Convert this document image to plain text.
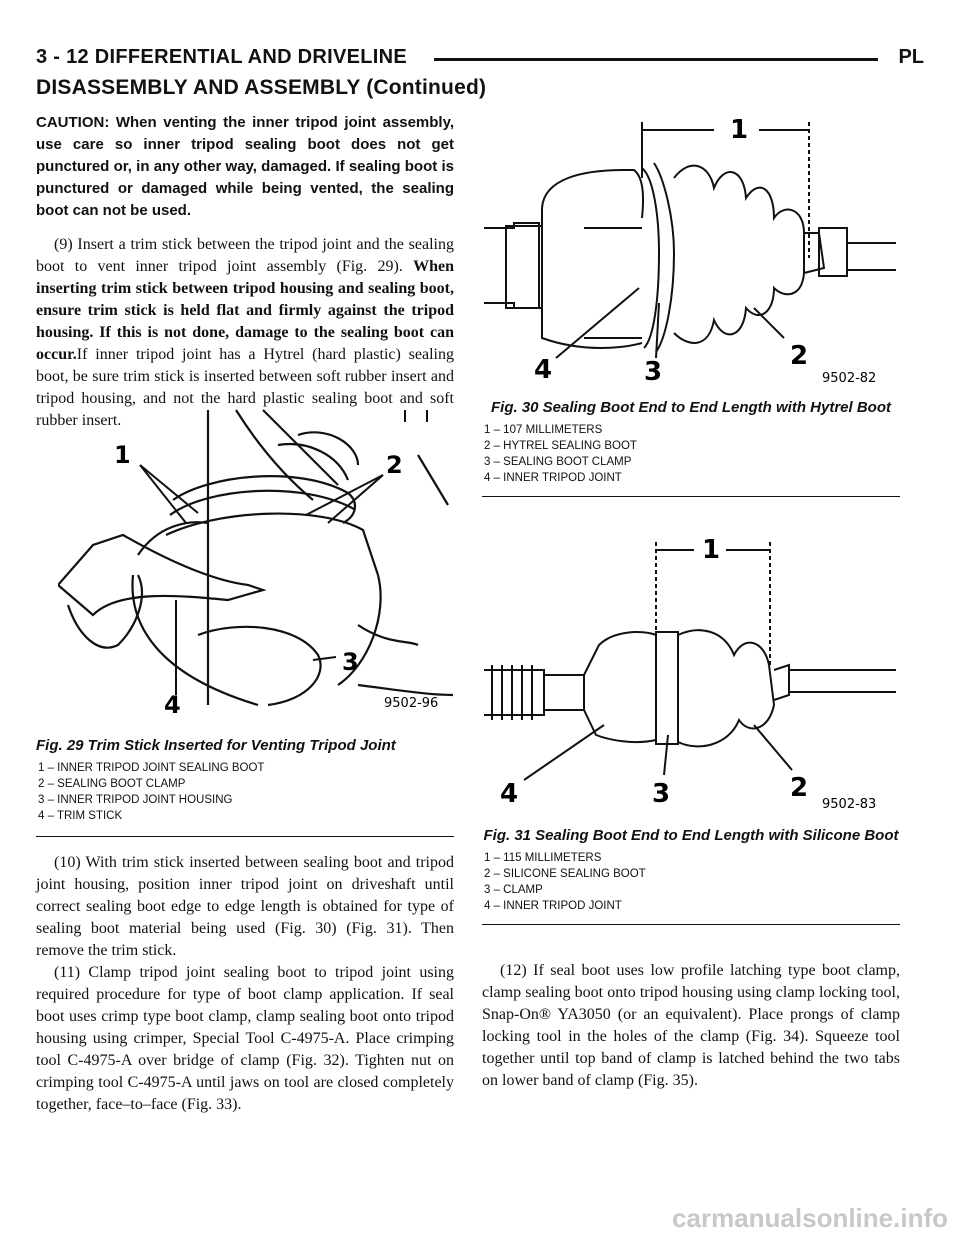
3 - 12 DIFFERENTIAL AND DRIVELINE	PL
DISASSEMBLY AND ASSEMBLY (Continued)

CAUTION: When venting the inner tripod joint assembly, use care so inner tripod sealing boot does not get punctured or, in any other way, damaged. If sealing boot is punctured or damaged while being vented, the sealing boot can not be used.

(9) Insert a trim stick between the tripod joint and the sealing boot to vent inner tripod joint assembly (Fig. 29). When inserting trim stick between tripod housing and sealing boot, ensure trim stick is held flat and firmly against the tripod housing. If this is not done, damage to the sealing boot can occur.If inner tripod joint has a Hytrel (hard plastic) sealing boot, be sure trim stick is inserted between soft rubber insert and tripod housing, and not the hard plastic sealing boot and soft rubber insert.

1	2
3
4	9502-96

Fig. 29 Trim Stick Inserted for Venting Tripod Joint

1 – INNER TRIPOD JOINT SEALING BOOT

2 – SEALING BOOT CLAMP

3 – INNER TRIPOD JOINT HOUSING

4 – TRIM STICK

(10) With trim stick inserted between sealing boot and tripod joint housing, position inner tripod joint on driveshaft until correct sealing boot edge to edge length is obtained for type of sealing boot material being used (Fig. 30) (Fig. 31). Then remove the trim stick.

(11) Clamp tripod joint sealing boot to tripod joint using required procedure for type of boot clamp application. If seal boot uses crimp type boot clamp, clamp sealing boot onto tripod housing using crimper, Special Tool C-4975-A. Place crimping tool C-4975-A over bridge of clamp (Fig. 32). Tighten nut on crimping tool C-4975-A until jaws on tool are closed completely together, face–to–face (Fig. 33).

1
2
3
4	9502-82

Fig. 30 Sealing Boot End to End Length with Hytrel Boot

1 – 107 MILLIMETERS

2 – HYTREL SEALING BOOT

3 – SEALING BOOT CLAMP

4 – INNER TRIPOD JOINT

1
2
3
4	9502-83

Fig. 31 Sealing Boot End to End Length with Silicone Boot

1 – 115 MILLIMETERS

2 – SILICONE SEALING BOOT

3 – CLAMP

4 – INNER TRIPOD JOINT

(12) If seal boot uses low profile latching type boot clamp, clamp sealing boot onto tripod housing using clamp locking tool, Snap-On® YA3050 (or an equivalent). Place prongs of clamp locking tool in the holes of the clamp (Fig. 34). Squeeze tool together until top band of clamp is latched behind the two tabs on lower band of clamp (Fig. 35).

carmanualsonline.info
